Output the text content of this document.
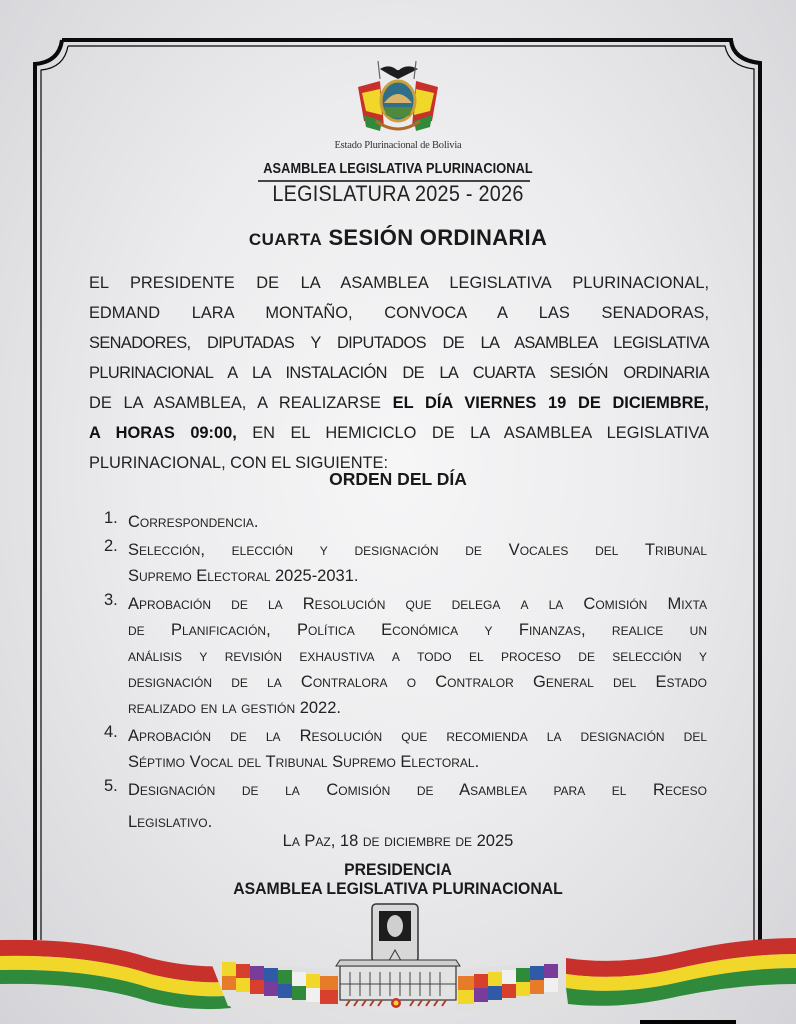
Estado Plurinacional de Bolivia
ASAMBLEA LEGISLATIVA PLURINACIONAL
LEGISLATURA 2025 - 2026
CUARTA SESIÓN ORDINARIA
EL PRESIDENTE DE LA ASAMBLEA LEGISLATIVA PLURINACIONAL,
EDMAND LARA MONTAÑO, CONVOCA A LAS SENADORAS,
SENADORES, DIPUTADAS Y DIPUTADOS DE LA ASAMBLEA LEGISLATIVA
PLURINACIONAL A LA INSTALACIÓN DE LA CUARTA SESIÓN ORDINARIA
DE LA ASAMBLEA, A REALIZARSE EL DÍA VIERNES 19 DE DICIEMBRE,
A HORAS 09:00, EN EL HEMICICLO DE LA ASAMBLEA LEGISLATIVA
PLURINACIONAL, CON EL SIGUIENTE:
ORDEN DEL DÍA
1. Correspondencia.
2. Selección, elección y designación de Vocales del Tribunal
Supremo Electoral 2025-2031.
3. Aprobación de la Resolución que delega a la Comisión Mixta
de Planificación, Política Económica y Finanzas, realice un
análisis y revisión exhaustiva a todo el proceso de selección y
designación de la Contralora o Contralor General del Estado
realizado en la gestión 2022.
4. Aprobación de la Resolución que recomienda la designación del
Séptimo Vocal del Tribunal Supremo Electoral.
5. Designación de la Comisión de Asamblea para el Receso
Legislativo.
La Paz, 18 de diciembre de 2025
PRESIDENCIA
ASAMBLEA LEGISLATIVA PLURINACIONAL
